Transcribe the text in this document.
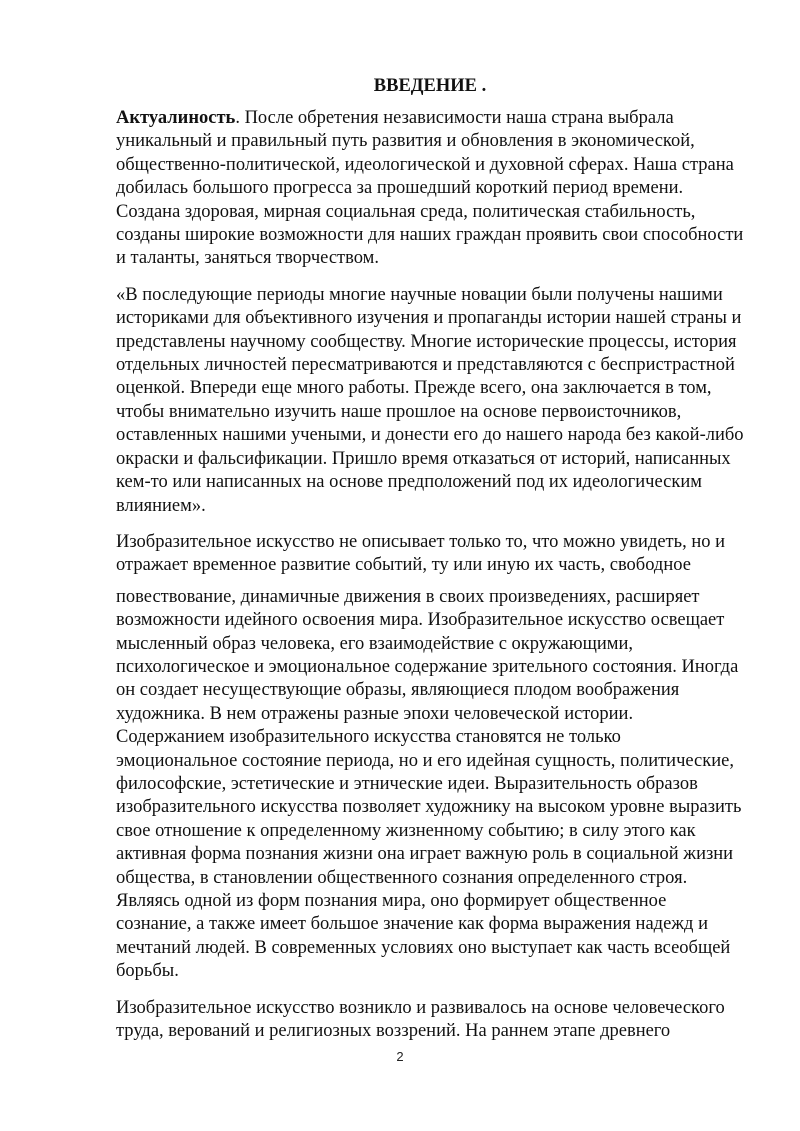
ВВЕДЕНИЕ .

Актуалиность. После обретения независимости наша страна выбрала уникальный и правильный путь развития и обновления в экономической, общественно-политической, идеологической и духовной сферах. Наша страна добилась большого прогресса за прошедший короткий период времени. Создана здоровая, мирная социальная среда, политическая стабильность, созданы широкие возможности для наших граждан проявить свои способности и таланты, заняться творчеством.

«В последующие периоды многие научные новации были получены нашими историками для объективного изучения и пропаганды истории нашей страны и представлены научному сообществу. Многие исторические процессы, история отдельных личностей пересматриваются и представляются с беспристрастной оценкой. Впереди еще много работы. Прежде всего, она заключается в том, чтобы внимательно изучить наше прошлое на основе первоисточников, оставленных нашими учеными, и донести его до нашего народа без какой-либо окраски и фальсификации. Пришло время отказаться от историй, написанных кем-то или написанных на основе предположений под их идеологическим влиянием».

Изобразительное искусство не описывает только то, что можно увидеть, но и отражает временное развитие событий, ту или иную их часть, свободное

повествование, динамичные движения в своих произведениях, расширяет возможности идейного освоения мира. Изобразительное искусство освещает мысленный образ человека, его взаимодействие с окружающими, психологическое и эмоциональное содержание зрительного состояния. Иногда он создает несуществующие образы, являющиеся плодом воображения художника. В нем отражены разные эпохи человеческой истории. Содержанием изобразительного искусства становятся не только эмоциональное состояние периода, но и его идейная сущность, политические, философские, эстетические и этнические идеи. Выразительность образов изобразительного искусства позволяет художнику на высоком уровне выразить свое отношение к определенному жизненному событию; в силу этого как активная форма познания жизни она играет важную роль в социальной жизни общества, в становлении общественного сознания определенного строя. Являясь одной из форм познания мира, оно формирует общественное сознание, а также имеет большое значение как форма выражения надежд и мечтаний людей. В современных условиях оно выступает как часть всеобщей борьбы.

Изобразительное искусство возникло и развивалось на основе человеческого труда, верований и религиозных воззрений. На раннем этапе древнего

2
